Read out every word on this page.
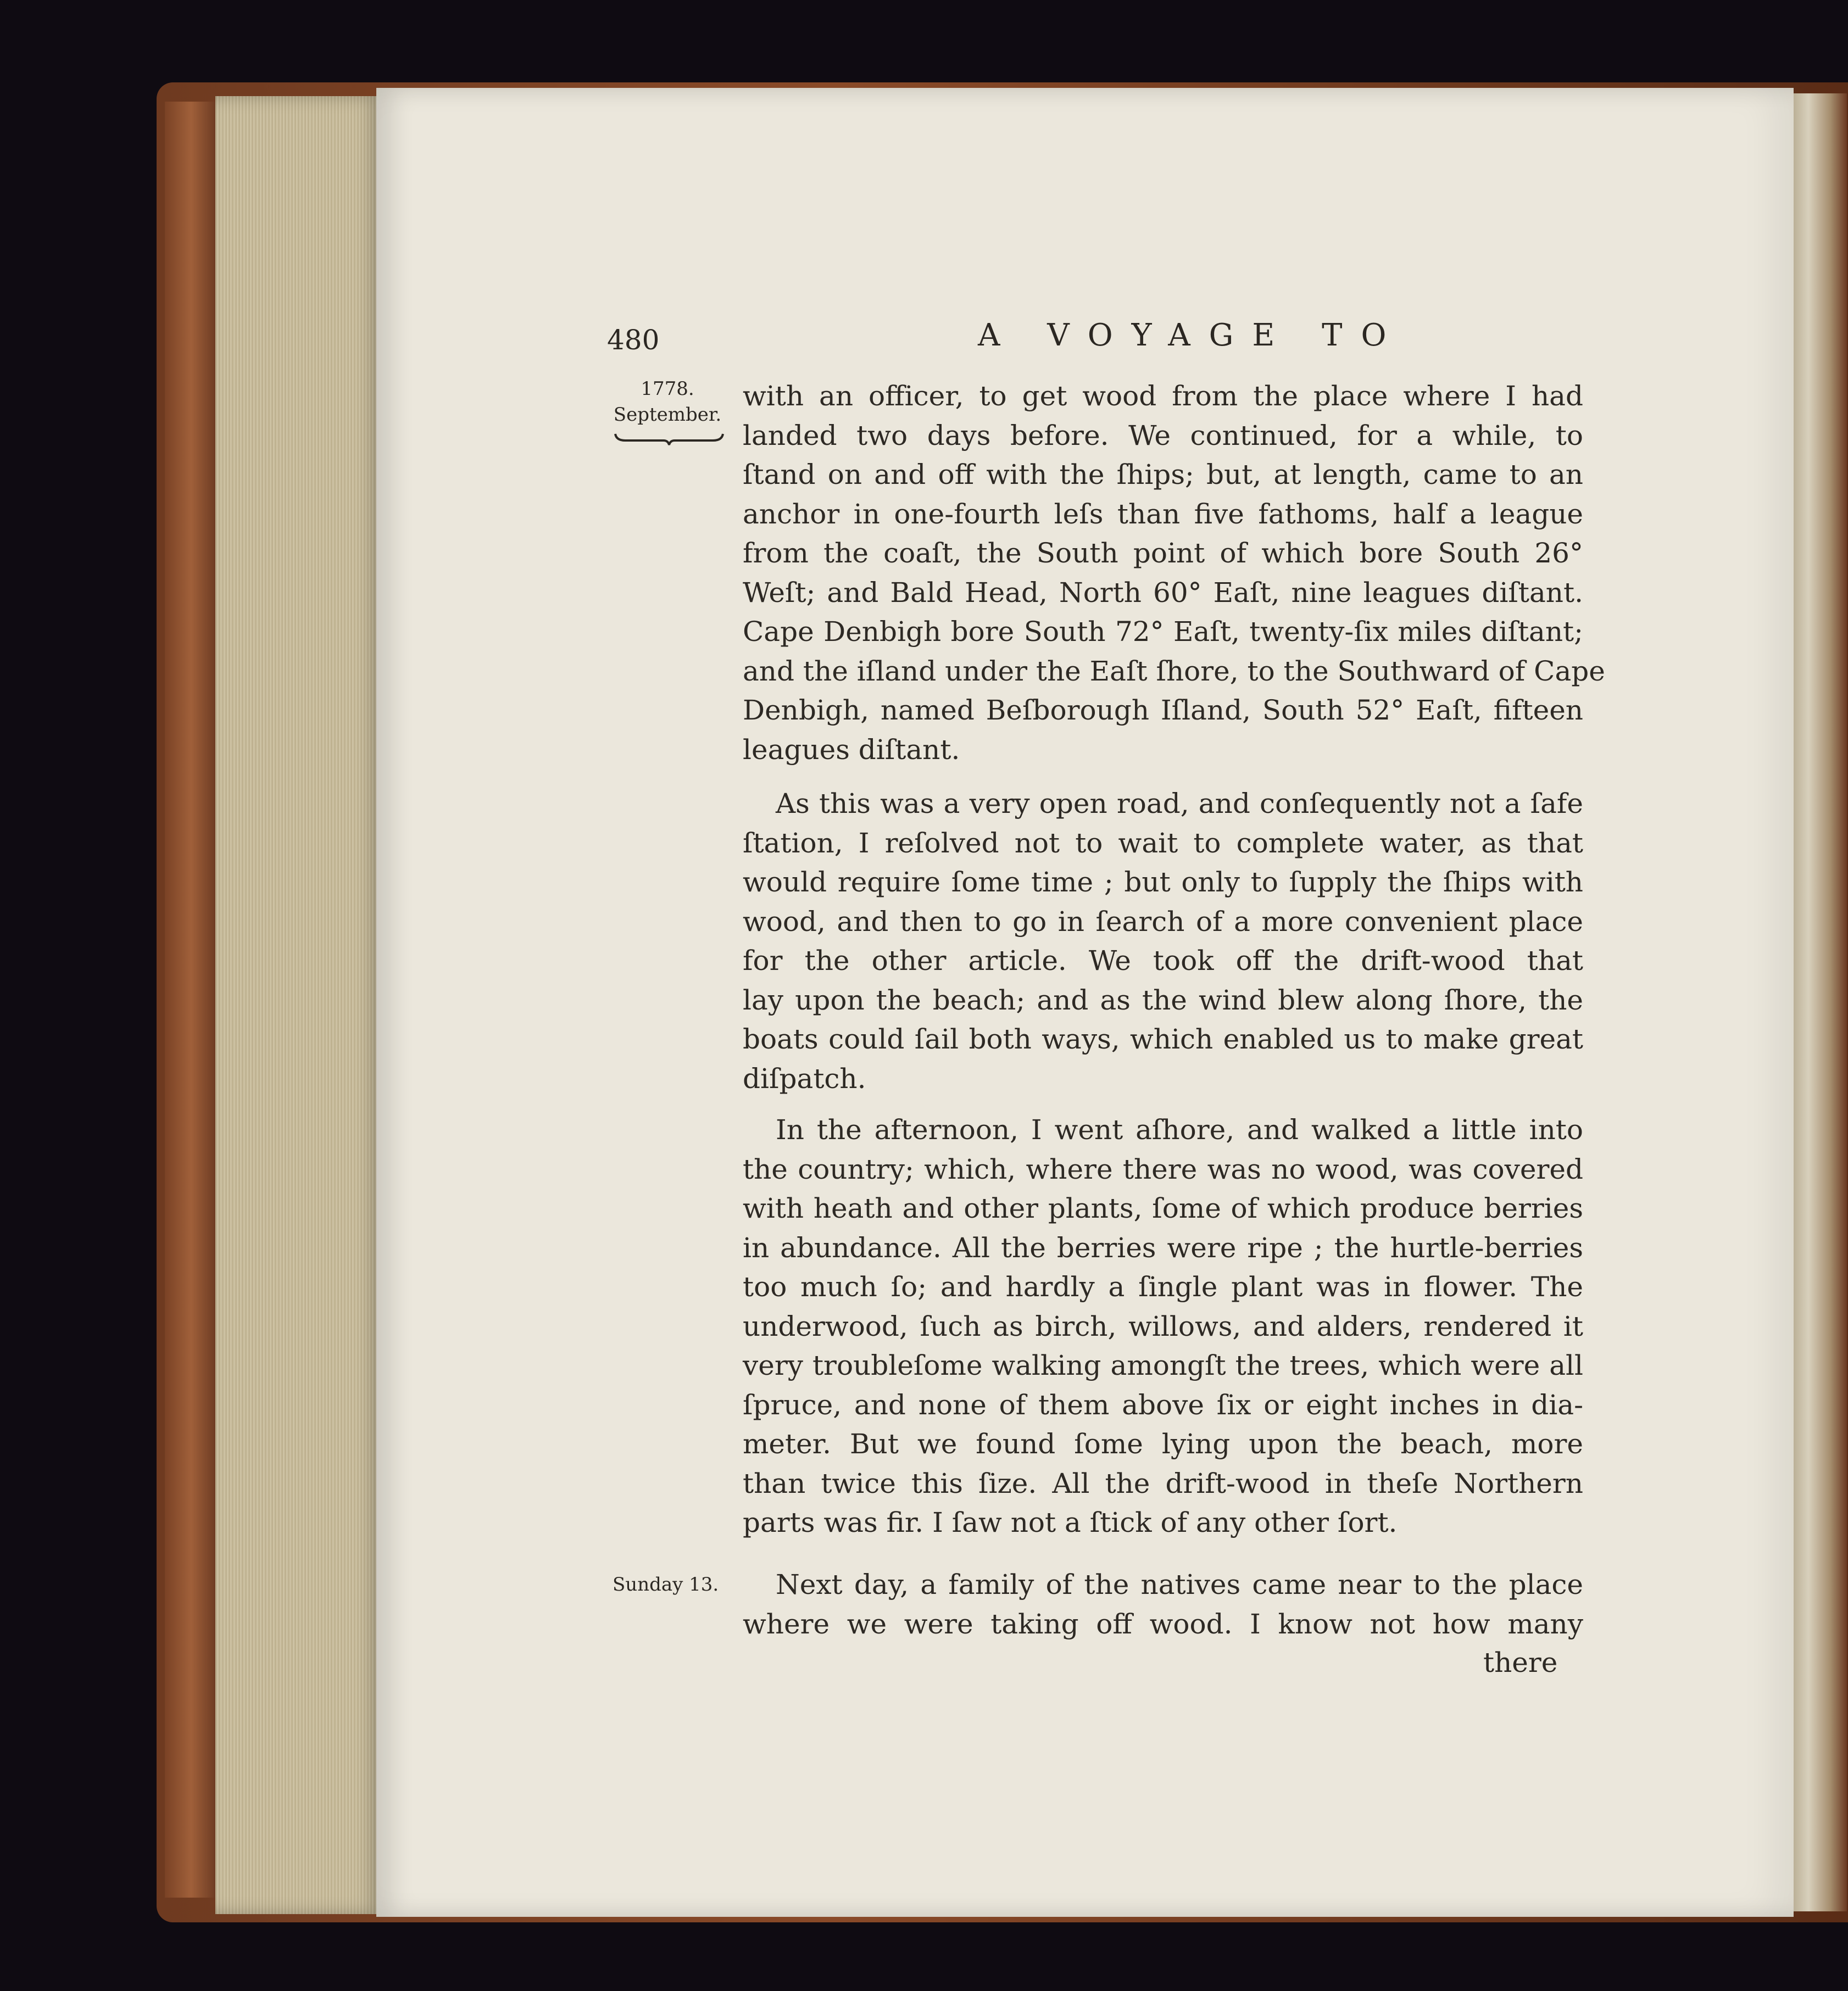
480	A VOYAGE TO
1778.
September.
Sunday 13.
with an officer, to get wood from the place where I had
landed two days before. We continued, for a while, to
ſtand on and off with the ſhips; but, at length, came to an
anchor in one-fourth leſs than five fathoms, half a league
from the coaſt, the South point of which bore South 26°
Weſt; and Bald Head, North 60° Eaſt, nine leagues diſtant.
Cape Denbigh bore South 72° Eaſt, twenty-ſix miles diſtant;
and the iſland under the Eaſt ſhore, to the Southward of Cape
Denbigh, named Beſborough Iſland, South 52° Eaſt, fifteen
leagues diſtant.
As this was a very open road, and conſequently not a ſafe
ſtation, I reſolved not to wait to complete water, as that
would require ſome time ; but only to ſupply the ſhips with
wood, and then to go in ſearch of a more convenient place
for the other article. We took off the drift-wood that
lay upon the beach; and as the wind blew along ſhore, the
boats could ſail both ways, which enabled us to make great
diſpatch.
In the afternoon, I went aſhore, and walked a little into
the country; which, where there was no wood, was covered
with heath and other plants, ſome of which produce berries
in abundance. All the berries were ripe ; the hurtle-berries
too much ſo; and hardly a ſingle plant was in flower. The
underwood, ſuch as birch, willows, and alders, rendered it
very troubleſome walking amongſt the trees, which were all
ſpruce, and none of them above ſix or eight inches in dia-
meter. But we found ſome lying upon the beach, more
than twice this ſize. All the drift-wood in theſe Northern
parts was fir. I ſaw not a ſtick of any other ſort.
Next day, a family of the natives came near to the place
where we were taking off wood. I know not how many
there
